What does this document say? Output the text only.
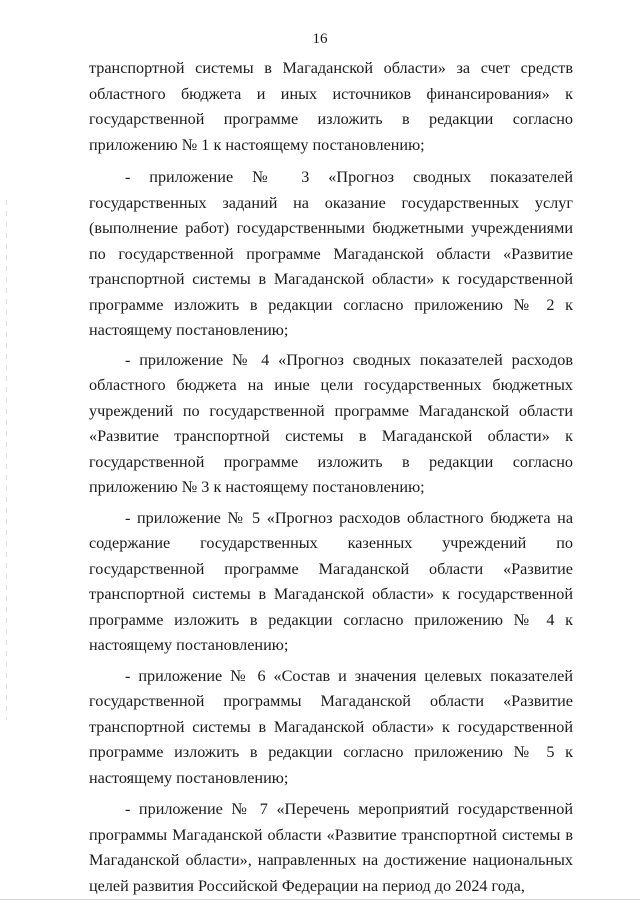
16

транспортной системы в Магаданской области» за счет средств областного бюджета и иных источников финансирования» к государственной программе изложить в редакции согласно приложению № 1 к настоящему постановлению;

- приложение № 3 «Прогноз сводных показателей государственных заданий на оказание государственных услуг (выполнение работ) государственными бюджетными учреждениями по государственной программе Магаданской области «Развитие транспортной системы в Магаданской области» к государственной программе изложить в редакции согласно приложению № 2 к настоящему постановлению;

- приложение № 4 «Прогноз сводных показателей расходов областного бюджета на иные цели государственных бюджетных учреждений по государственной программе Магаданской области «Развитие транспортной системы в Магаданской области» к государственной программе изложить в редакции согласно приложению № 3 к настоящему постановлению;

- приложение № 5 «Прогноз расходов областного бюджета на содержание государственных казенных учреждений по государственной программе Магаданской области «Развитие транспортной системы в Магаданской области» к государственной программе изложить в редакции согласно приложению № 4 к настоящему постановлению;

- приложение № 6 «Состав и значения целевых показателей государственной программы Магаданской области «Развитие транспортной системы в Магаданской области» к государственной программе изложить в редакции согласно приложению № 5 к настоящему постановлению;

- приложение № 7 «Перечень мероприятий государственной программы Магаданской области «Развитие транспортной системы в Магаданской области», направленных на достижение национальных целей развития Российской Федерации на период до 2024 года,
